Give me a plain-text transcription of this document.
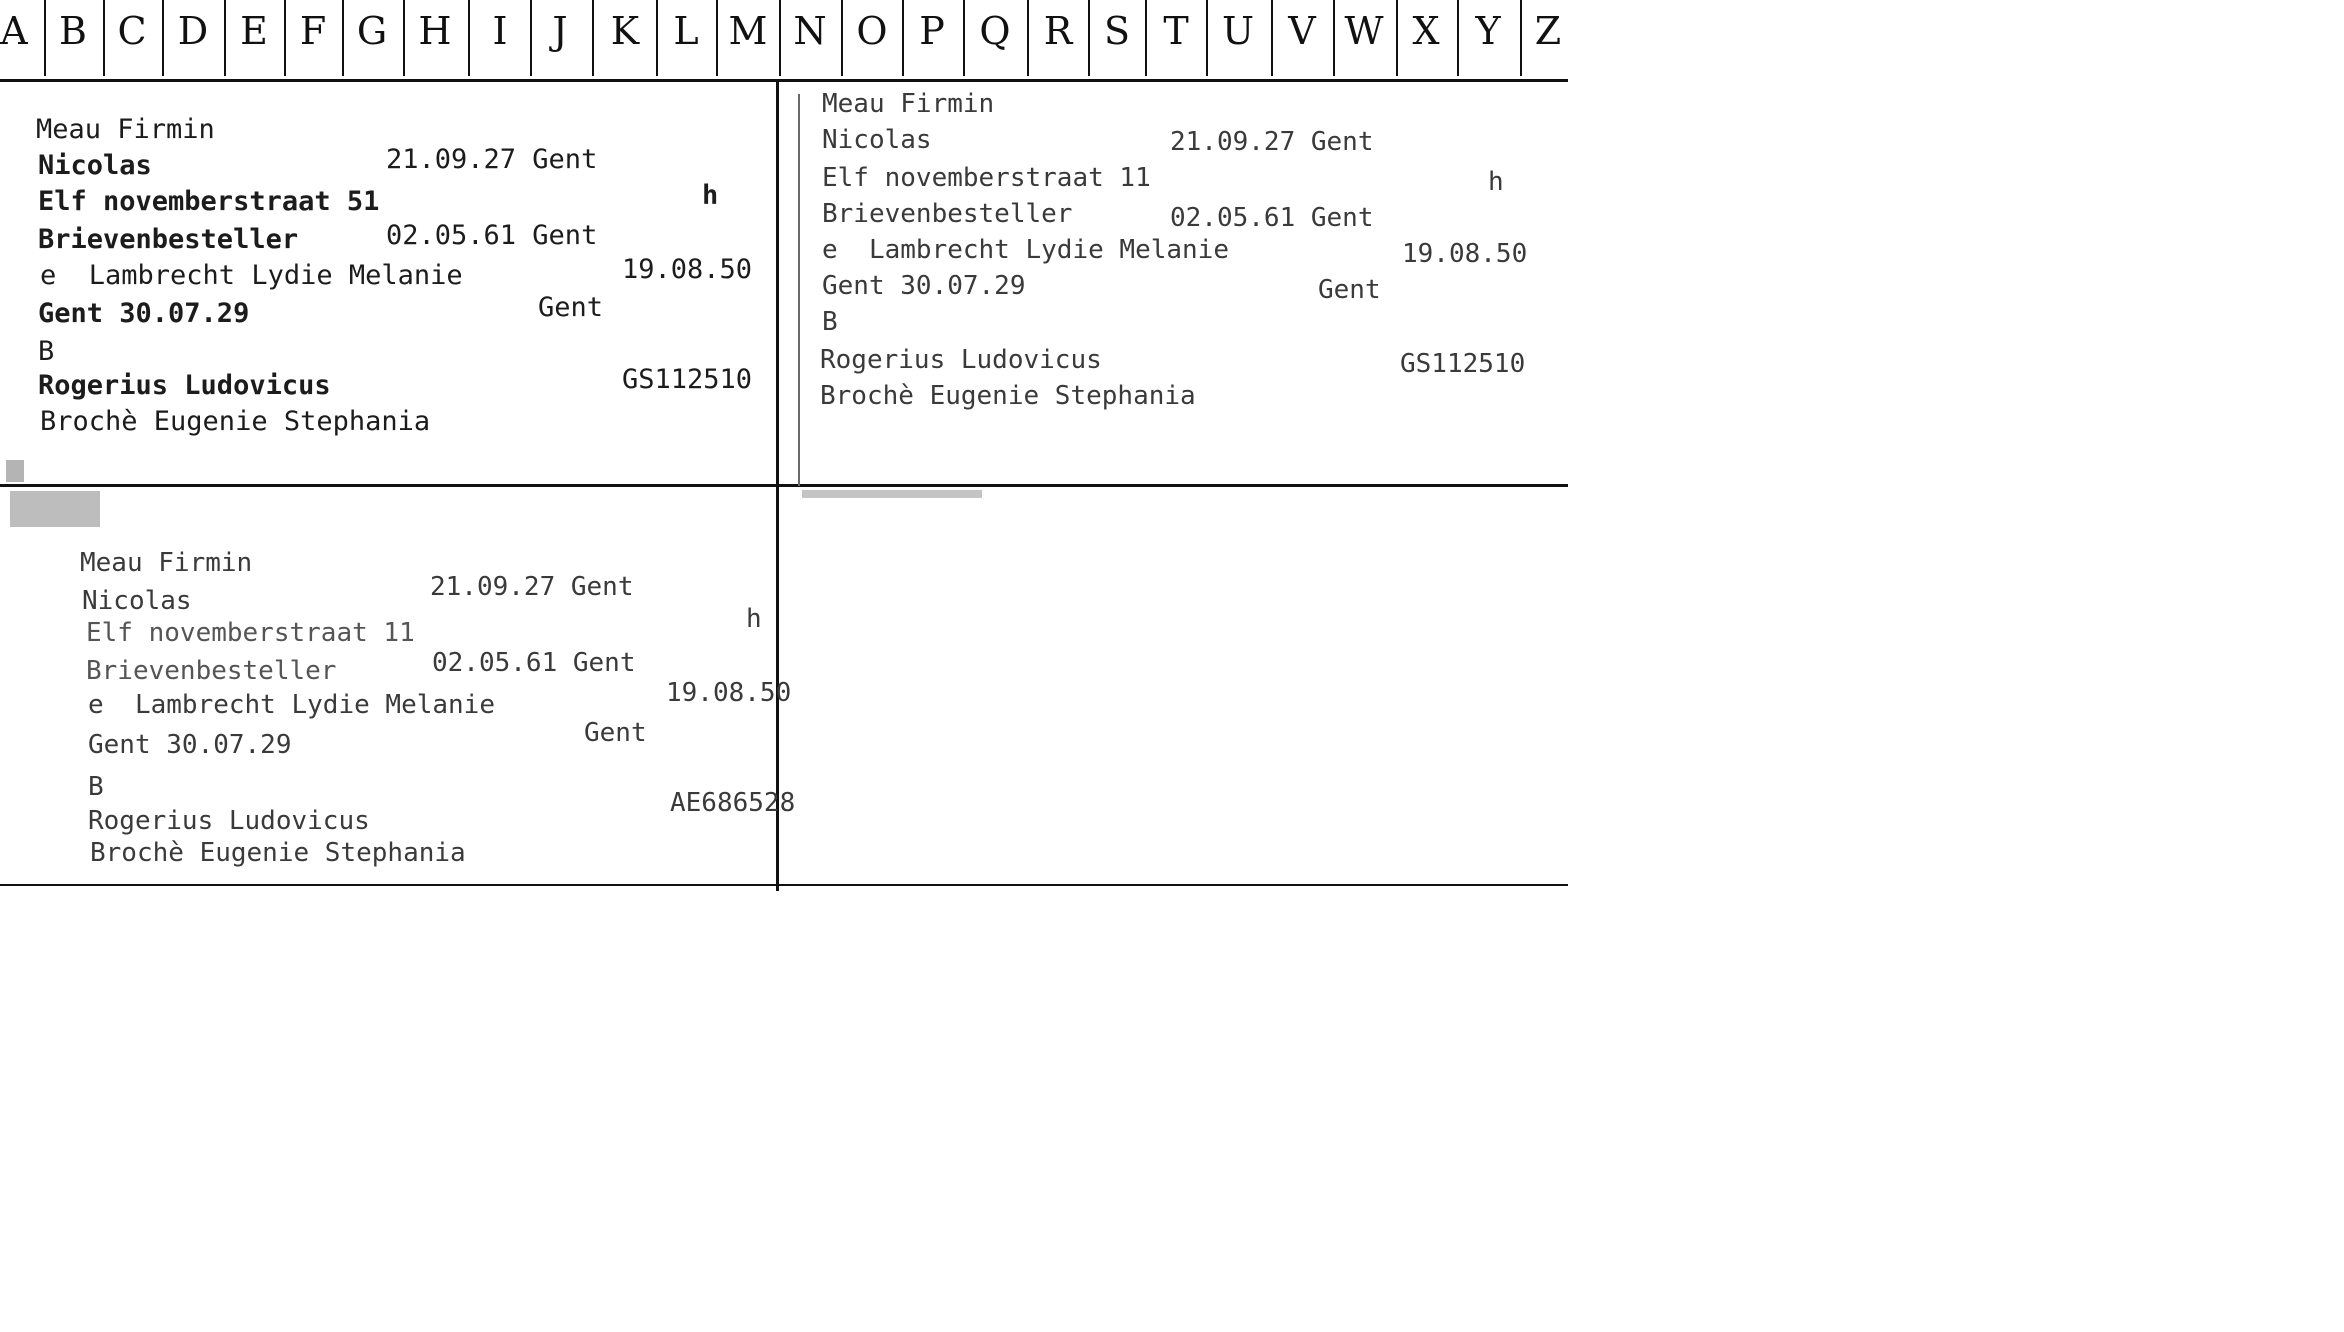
A B C D E F G H	I	J	K L M N O P Q R S T U V W X Y Z
Meau Firmin
Nicolas	21.09.27 Gent
Elf novemberstraat 51	h
Brievenbesteller	02.05.61 Gent
e  Lambrecht Lydie Melanie	19.08.50
Gent 30.07.29	Gent
B
Rogerius Ludovicus	GS112510
Brochè Eugenie Stephania
Meau Firmin
Nicolas	21.09.27 Gent
Elf novemberstraat 11	h
Brievenbesteller	02.05.61 Gent
e  Lambrecht Lydie Melanie	19.08.50
Gent 30.07.29	Gent
B
Rogerius Ludovicus	GS112510
Brochè Eugenie Stephania
Meau Firmin
Nicolas	21.09.27 Gent
Elf novemberstraat 11	h
Brievenbesteller	02.05.61 Gent
e  Lambrecht Lydie Melanie	19.08.50
Gent 30.07.29	Gent
B
Rogerius Ludovicus
AE686528
Brochè Eugenie Stephania
